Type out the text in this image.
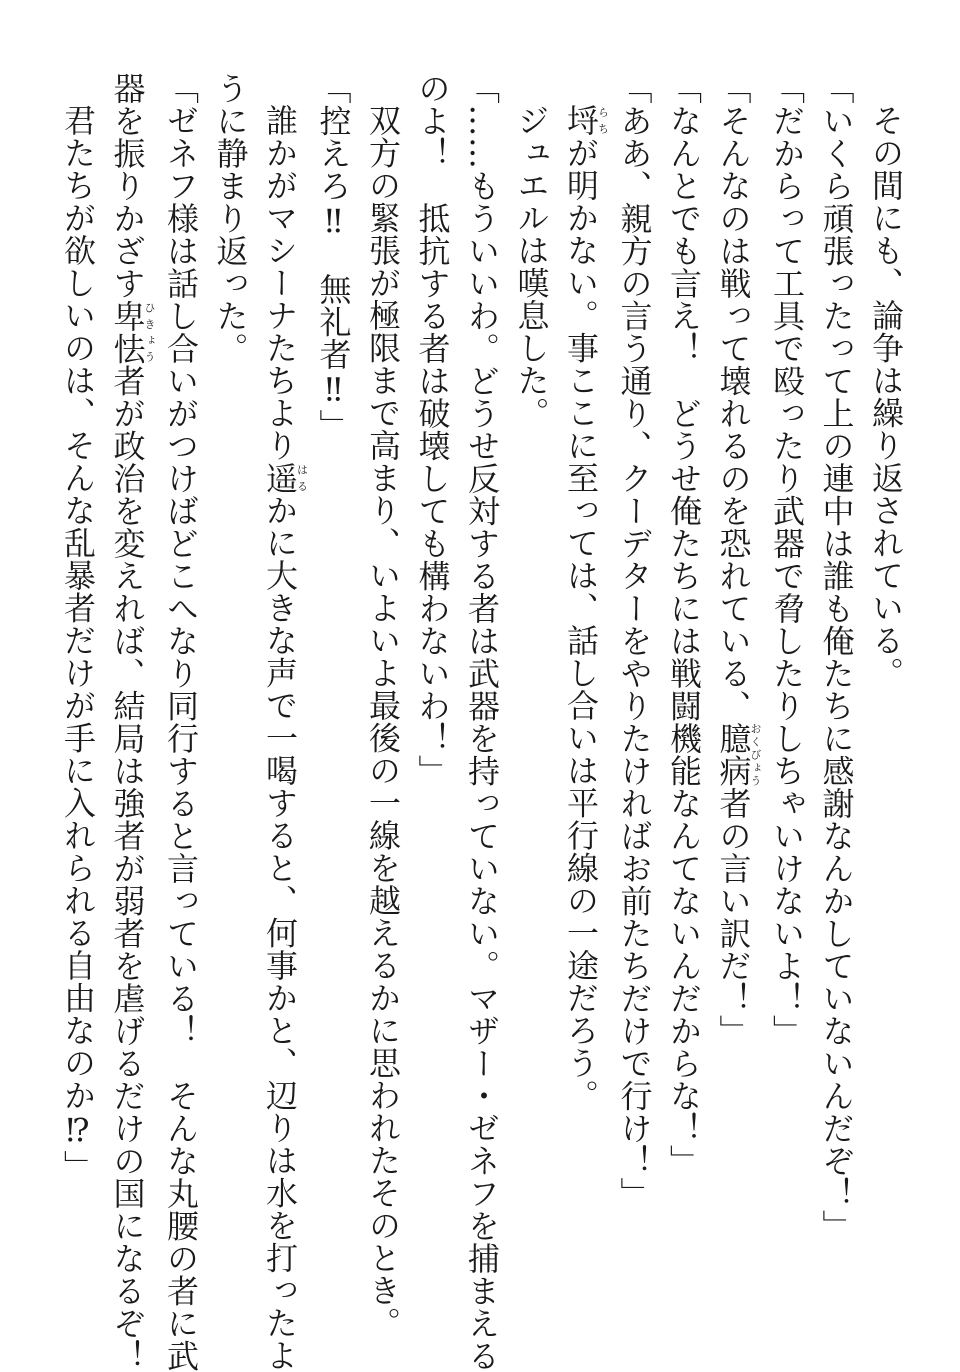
その間にも、論争は繰り返されている。

「いくら頑張ったって上の連中は誰も俺たちに感謝なんかしていないんだぞ！」

「だからって工具で殴ったり武器で脅したりしちゃいけないよ！」

「そんなのは戦って壊れるのを恐れている、臆病おくびょう者の言い訳だ！」

「なんとでも言え！　どうせ俺たちには戦闘機能なんてないんだからな！」

「ああ、親方の言う通り、クーデターをやりたければお前たちだけで行け！」

埒らちが明かない。事ここに至っては、話し合いは平行線の一途だろう。

ジュエルは嘆息した。

「……もういいわ。どうせ反対する者は武器を持っていない。マザー・ゼネフを捕まえる

のよ！　抵抗する者は破壊しても構わないわ！」

双方の緊張が極限まで高まり、いよいよ最後の一線を越えるかに思われたそのとき。

「控えろ‼　無礼者‼」

誰かがマシーナたちより遥はるかに大きな声で一喝すると、何事かと、辺りは水を打ったよ

うに静まり返った。

「ゼネフ様は話し合いがつけばどこへなり同行すると言っている！　そんな丸腰の者に武

器を振りかざす卑怯ひきょう者が政治を変えれば、結局は強者が弱者を虐げるだけの国になるぞ！

君たちが欲しいのは、そんな乱暴者だけが手に入れられる自由なのか⁉」
